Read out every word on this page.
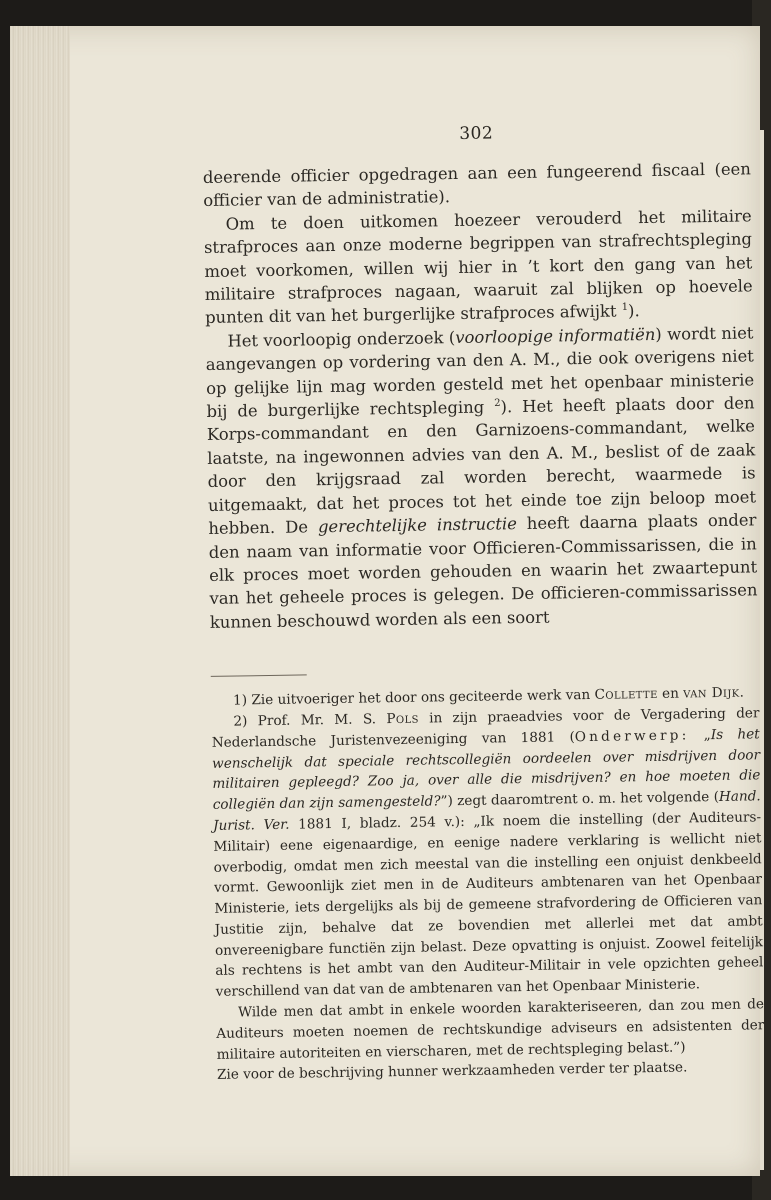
302

deerende officier opgedragen aan een fungeerend fiscaal (een officier van de administratie).

Om te doen uitkomen hoezeer verouderd het militaire strafproces aan onze moderne begrippen van strafrechtspleging moet voorkomen, willen wij hier in ’t kort den gang van het militaire strafproces nagaan, waaruit zal blijken op hoevele punten dit van het burgerlijke strafproces afwijkt $^1$).

Het voorloopig onderzoek (voorloopige informatiën) wordt niet aangevangen op vordering van den A. M., die ook overigens niet op gelijke lijn mag worden gesteld met het openbaar ministerie bij de burgerlijke rechtspleging $^2$). Het heeft plaats door den Korps-commandant en den Garnizoens-commandant, welke laatste, na ingewonnen advies van den A. M., beslist of de zaak door den krijgsraad zal worden berecht, waarmede is uitgemaakt, dat het proces tot het einde toe zijn beloop moet hebben. De gerechtelijke instructie heeft daarna plaats onder den naam van informatie voor Officieren-Commissarissen, die in elk proces moet worden gehouden en waarin het zwaartepunt van het geheele proces is gelegen. De officieren-commissarissen kunnen beschouwd worden als een soort

1) Zie uitvoeriger het door ons geciteerde werk van Collette en van Dijk.

2) Prof. Mr. M. S. Pols in zijn praeadvies voor de Vergadering der Nederlandsche Juristenvezeeniging van 1881 (Onderwerp: „Is het wenschelijk dat speciale rechtscollegiën oordeelen over misdrijven door militairen gepleegd? Zoo ja, over alle die misdrijven? en hoe moeten die collegiën dan zijn samengesteld?”) zegt daaromtrent o. m. het volgende (Hand. Jurist. Ver. 1881 I, bladz. 254 v.): „Ik noem die instelling (der Auditeurs-Militair) eene eigenaardige, en eenige nadere verklaring is wellicht niet overbodig, omdat men zich meestal van die instelling een onjuist denkbeeld vormt. Gewoonlijk ziet men in de Auditeurs ambtenaren van het Openbaar Ministerie, iets dergelijks als bij de gemeene strafvordering de Officieren van Justitie zijn, behalve dat ze bovendien met allerlei met dat ambt onvereenigbare functiën zijn belast. Deze opvatting is onjuist. Zoowel feitelijk als rechtens is het ambt van den Auditeur-Militair in vele opzichten geheel verschillend van dat van de ambtenaren van het Openbaar Ministerie.

Wilde men dat ambt in enkele woorden karakteriseeren, dan zou men de Auditeurs moeten noemen de rechtskundige adviseurs en adsistenten der militaire autoriteiten en vierscharen, met de rechtspleging belast.”)

Zie voor de beschrijving hunner werkzaamheden verder ter plaatse.
